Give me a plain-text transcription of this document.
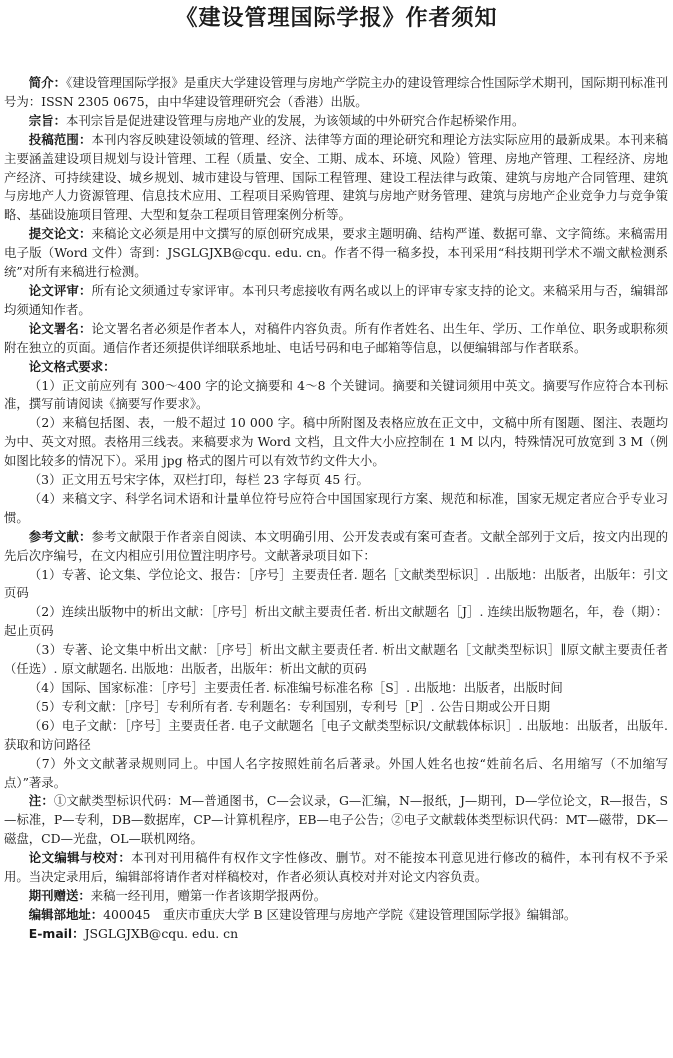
《建设管理国际学报》作者须知

简介：《建设管理国际学报》是重庆大学建设管理与房地产学院主办的建设管理综合性国际学术期刊，国际期刊标准刊号为：ISSN 2305 0675，由中华建设管理研究会（香港）出版。

宗旨：本刊宗旨是促进建设管理与房地产业的发展，为该领域的中外研究合作起桥梁作用。

投稿范围：本刊内容反映建设领域的管理、经济、法律等方面的理论研究和理论方法实际应用的最新成果。本刊来稿主要涵盖建设项目规划与设计管理、工程（质量、安全、工期、成本、环境、风险）管理、房地产管理、工程经济、房地产经济、可持续建设、城乡规划、城市建设与管理、国际工程管理、建设工程法律与政策、建筑与房地产合同管理、建筑与房地产人力资源管理、信息技术应用、工程项目采购管理、建筑与房地产财务管理、建筑与房地产企业竞争力与竞争策略、基础设施项目管理、大型和复杂工程项目管理案例分析等。

提交论文：来稿论文必须是用中文撰写的原创研究成果，要求主题明确、结构严谨、数据可靠、文字简练。来稿需用电子版（Word 文件）寄到：JSGLGJXB@cqu. edu. cn。作者不得一稿多投，本刊采用“科技期刊学术不端文献检测系统”对所有来稿进行检测。

论文评审：所有论文须通过专家评审。本刊只考虑接收有两名或以上的评审专家支持的论文。来稿采用与否，编辑部均须通知作者。

论文署名：论文署名者必须是作者本人，对稿件内容负责。所有作者姓名、出生年、学历、工作单位、职务或职称须附在独立的页面。通信作者还须提供详细联系地址、电话号码和电子邮箱等信息，以便编辑部与作者联系。

论文格式要求：

（1）正文前应列有 300～400 字的论文摘要和 4～8 个关键词。摘要和关键词须用中英文。摘要写作应符合本刊标准，撰写前请阅读《摘要写作要求》。

（2）来稿包括图、表，一般不超过 10 000 字。稿中所附图及表格应放在正文中，文稿中所有图题、图注、表题均为中、英文对照。表格用三线表。来稿要求为 Word 文档，且文件大小应控制在 1 M 以内，特殊情况可放宽到 3 M（例如图比较多的情况下）。采用 jpg 格式的图片可以有效节约文件大小。

（3）正文用五号宋字体，双栏打印，每栏 23 字每页 45 行。

（4）来稿文字、科学名词术语和计量单位符号应符合中国国家现行方案、规范和标准，国家无规定者应合乎专业习惯。

参考文献：参考文献限于作者亲自阅读、本文明确引用、公开发表或有案可查者。文献全部列于文后，按文内出现的先后次序编号，在文内相应引用位置注明序号。文献著录项目如下：

（1）专著、论文集、学位论文、报告：［序号］主要责任者. 题名［文献类型标识］. 出版地：出版者，出版年：引文页码

（2）连续出版物中的析出文献：［序号］析出文献主要责任者. 析出文献题名［J］. 连续出版物题名，年，卷（期）：起止页码

（3）专著、论文集中析出文献：［序号］析出文献主要责任者. 析出文献题名［文献类型标识］∥原文献主要责任者（任选）. 原文献题名. 出版地：出版者，出版年：析出文献的页码

（4）国际、国家标准：［序号］主要责任者. 标准编号标准名称［S］. 出版地：出版者，出版时间

（5）专利文献：［序号］专利所有者. 专利题名：专利国别，专利号［P］. 公告日期或公开日期

（6）电子文献：［序号］主要责任者. 电子文献题名［电子文献类型标识/文献载体标识］. 出版地：出版者，出版年. 获取和访问路径

（7）外文文献著录规则同上。中国人名字按照姓前名后著录。外国人姓名也按“姓前名后、名用缩写（不加缩写点）”著录。

注：①文献类型标识代码：M—普通图书，C—会议录，G—汇编，N—报纸，J—期刊，D—学位论文，R—报告，S—标准，P—专利，DB—数据库，CP—计算机程序，EB—电子公告；②电子文献载体类型标识代码：MT—磁带，DK—磁盘，CD—光盘，OL—联机网络。

论文编辑与校对：本刊对刊用稿件有权作文字性修改、删节。对不能按本刊意见进行修改的稿件，本刊有权不予采用。当决定录用后，编辑部将请作者对样稿校对，作者必须认真校对并对论文内容负责。

期刊赠送：来稿一经刊用，赠第一作者该期学报两份。

编辑部地址：400045　重庆市重庆大学 B 区建设管理与房地产学院《建设管理国际学报》编辑部。

E-mail：JSGLGJXB@cqu. edu. cn
